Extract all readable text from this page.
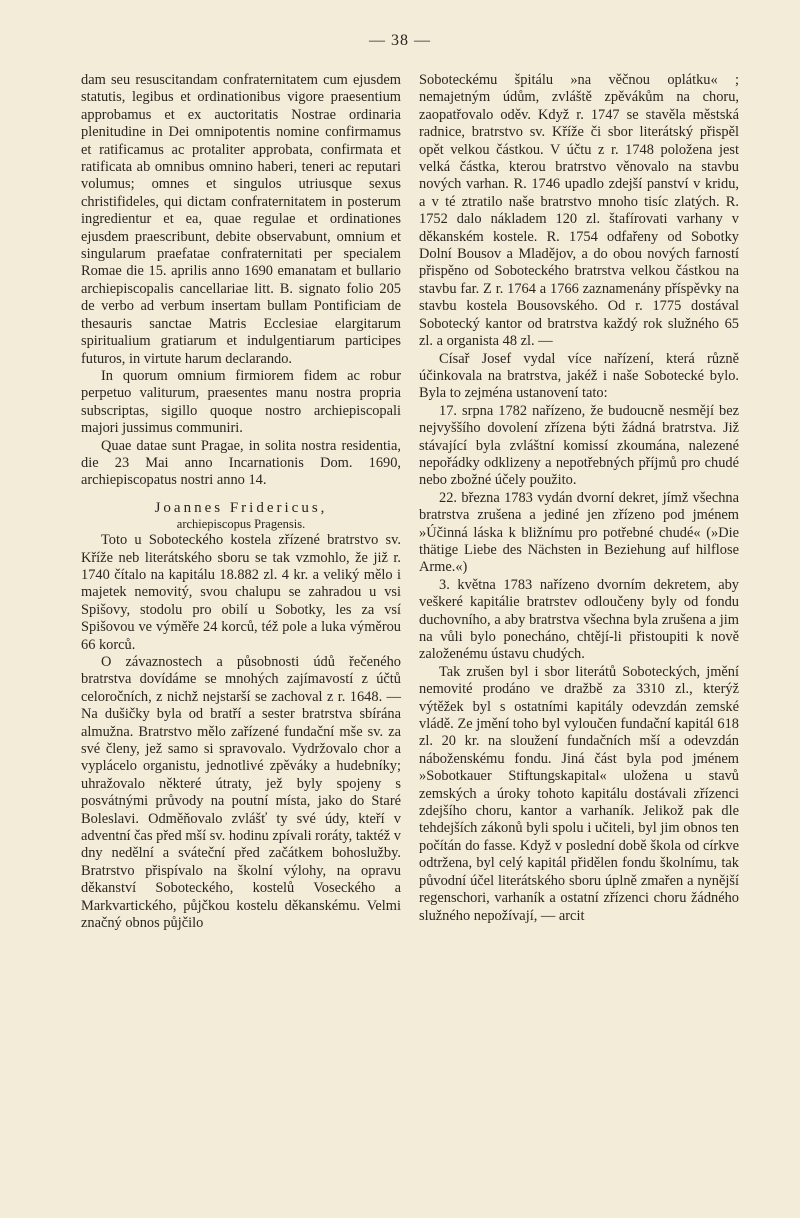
— 38 —

dam seu resuscitandam confraternitatem cum ejusdem statutis, legibus et ordinationibus vigore praesentium approbamus et ex auctoritatis Nostrae ordinaria plenitudine in Dei omnipotentis nomine confirmamus et ratificamus ac protaliter approbata, confirmata et ratificata ab omnibus omnino haberi, teneri ac reputari volumus; omnes et singulos utriusque sexus christifideles, qui dictam confraternitatem in posterum ingredientur et ea, quae regulae et ordinationes ejusdem praescribunt, debite observabunt, omnium et singularum praefatae confraternitati per specialem Romae die 15. aprilis anno 1690 emanatam et bullario archiepiscopalis cancellariae litt. B. signato folio 205 de verbo ad verbum insertam bullam Pontificiam de thesauris sanctae Matris Ecclesiae elargitarum spiritualium gratiarum et indulgentiarum participes futuros, in virtute harum declarando.

In quorum omnium firmiorem fidem ac robur perpetuo valiturum, praesentes manu nostra propria subscriptas, sigillo quoque nostro archiepiscopali majori jussimus communiri.

Quae datae sunt Pragae, in solita nostra residentia, die 23 Mai anno Incarnationis Dom. 1690, archiepiscopatus nostri anno 14.

Joannes Fridericus,
archiepiscopus Pragensis.

Toto u Soboteckého kostela zřízené bratrstvo sv. Kříže neb literátského sboru se tak vzmohlo, že již r. 1740 čítalo na kapitálu 18.882 zl. 4 kr. a veliký mělo i majetek nemovitý, svou chalupu se zahradou u vsi Spišovy, stodolu pro obilí u Sobotky, les za vsí Spišovou ve výměře 24 korců, též pole a luka výměrou 66 korců.

O závaznostech a působnosti údů řečeného bratrstva dovídáme se mnohých zajímavostí z účtů celoročních, z nichž nejstarší se zachoval z r. 1648. — Na dušičky byla od bratří a sester bratrstva sbírána almužna. Bratrstvo mělo zařízené fundační mše sv. za své členy, jež samo si spravovalo. Vydržovalo chor a vyplácelo organistu, jednotlivé zpěváky a hudebníky; uhražovalo některé útraty, jež byly spojeny s posvátnými průvody na poutní místa, jako do Staré Boleslavi. Odměňovalo zvlášť ty své údy, kteří v adventní čas před mší sv. hodinu zpívali roráty, taktéž v dny nedělní a sváteční před začátkem bohoslužby. Bratrstvo přispívalo na školní výlohy, na opravu děkanství Soboteckého, kostelů Voseckého a Markvartického, půjčkou kostelu děkanskému. Velmi značný obnos půjčilo

Soboteckému špitálu »na věčnou oplátku« ; nemajetným údům, zvláště zpěvákům na choru, zaopatřovalo oděv. Když r. 1747 se stavěla městská radnice, bratrstvo sv. Kříže či sbor literátský přispěl opět velkou částkou. V účtu z r. 1748 položena jest velká částka, kterou bratrstvo věnovalo na stavbu nových varhan. R. 1746 upadlo zdejší panství v kridu, a v té ztratilo naše bratrstvo mnoho tisíc zlatých. R. 1752 dalo nákladem 120 zl. štafírovati varhany v děkanském kostele. R. 1754 odfařeny od Sobotky Dolní Bousov a Mladějov, a do obou nových farností přispěno od Soboteckého bratrstva velkou částkou na stavbu far. Z r. 1764 a 1766 zaznamenány příspěvky na stavbu kostela Bousovského. Od r. 1775 dostával Sobotecký kantor od bratrstva každý rok služného 65 zl. a organista 48 zl. —

Císař Josef vydal více nařízení, která různě účinkovala na bratrstva, jakéž i naše Sobotecké bylo. Byla to zejména ustanovení tato:

17. srpna 1782 nařízeno, že budoucně nesmějí bez nejvyššího dovolení zřízena býti žádná bratrstva. Již stávající byla zvláštní komissí zkoumána, nalezené nepořádky odklizeny a nepotřebných příjmů pro chudé nebo zbožné účely použito.

22. března 1783 vydán dvorní dekret, jímž všechna bratrstva zrušena a jediné jen zřízeno pod jménem »Účinná láska k bližnímu pro potřebné chudé« (»Die thätige Liebe des Nächsten in Beziehung auf hilflose Arme.«)

3. května 1783 nařízeno dvorním dekretem, aby veškeré kapitálie bratrstev odloučeny byly od fondu duchovního, a aby bratrstva všechna byla zrušena a jim na vůli bylo ponecháno, chtějí-li přistoupiti k nově založenému ústavu chudých.

Tak zrušen byl i sbor literátů Soboteckých, jmění nemovité prodáno ve dražbě za 3310 zl., kterýž výtěžek byl s ostatními kapitály odevzdán zemské vládě. Ze jmění toho byl vyloučen fundační kapitál 618 zl. 20 kr. na sloužení fundačních mší a odevzdán náboženskému fondu. Jiná část byla pod jménem »Sobotkauer Stiftungskapital« uložena u stavů zemských a úroky tohoto kapitálu dostávali zřízenci zdejšího choru, kantor a varhaník. Jelikož pak dle tehdejších zákonů byli spolu i učiteli, byl jim obnos ten počítán do fasse. Když v poslední době škola od církve odtržena, byl celý kapitál přidělen fondu školnímu, tak původní účel literátského sboru úplně zmařen a nynější regenschori, varhaník a ostatní zřízenci choru žádného služného nepožívají, — arcit
